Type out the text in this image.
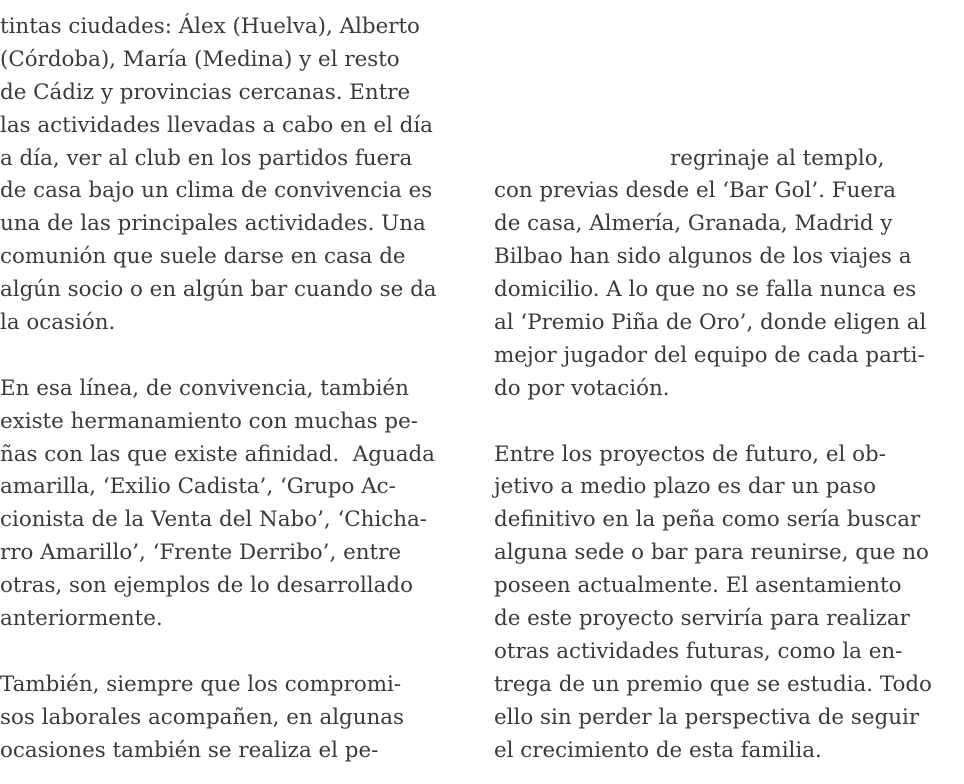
tintas ciudades: Álex (Huelva), Alberto
(Córdoba), María (Medina) y el resto
de Cádiz y provincias cercanas. Entre
las actividades llevadas a cabo en el día
a día, ver al club en los partidos fuera
de casa bajo un clima de convivencia es
una de las principales actividades. Una
comunión que suele darse en casa de
algún socio o en algún bar cuando se da
la ocasión.
En esa línea, de convivencia, también
existe hermanamiento con muchas pe-
ñas con las que existe afinidad.  Aguada
amarilla, ‘Exilio Cadista’, ‘Grupo Ac-
cionista de la Venta del Nabo’, ‘Chicha-
rro Amarillo’, ‘Frente Derribo’, entre
otras, son ejemplos de lo desarrollado
anteriormente.
También, siempre que los compromi-
sos laborales acompañen, en algunas
ocasiones también se realiza el pe-
regrinaje al templo,
con previas desde el ‘Bar Gol’. Fuera
de casa, Almería, Granada, Madrid y
Bilbao han sido algunos de los viajes a
domicilio. A lo que no se falla nunca es
al ‘Premio Piña de Oro’, donde eligen al
mejor jugador del equipo de cada parti-
do por votación.
Entre los proyectos de futuro, el ob-
jetivo a medio plazo es dar un paso
definitivo en la peña como sería buscar
alguna sede o bar para reunirse, que no
poseen actualmente. El asentamiento
de este proyecto serviría para realizar
otras actividades futuras, como la en-
trega de un premio que se estudia. Todo
ello sin perder la perspectiva de seguir
el crecimiento de esta familia.
